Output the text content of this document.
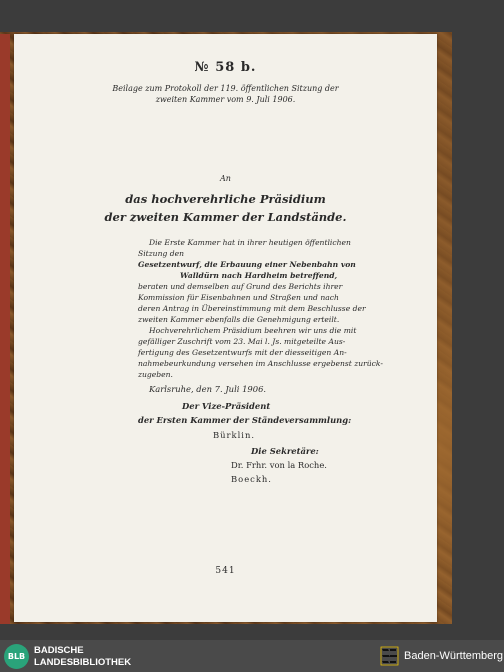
№ 58 b.
Beilage zum Protokoll der 119. öffentlichen Sitzung der
zweiten Kammer vom 9. Juli 1906.
An
das hochverehrliche Präsidium
der zweiten Kammer der Landstände.
Die Erste Kammer hat in ihrer heutigen öffentlichen
Sitzung den
Gesetzentwurf, die Erbauung einer Nebenbahn von
Walldürn nach Hardheim betreffend,
beraten und demselben auf Grund des Berichts ihrer
Kommission für Eisenbahnen und Straßen und nach
deren Antrag in Übereinstimmung mit dem Beschlusse der
zweiten Kammer ebenfalls die Genehmigung erteilt.
Hochverehrlichem Präsidium beehren wir uns die mit
gefälliger Zuschrift vom 23. Mai l. Js. mitgeteilte Aus-
fertigung des Gesetzentwurfs mit der diesseitigen An-
nahmebeurkundung versehen im Anschlusse ergebenst zurück-
zugeben.
Karlsruhe, den 7. Juli 1906.
Der Vize-Präsident
der Ersten Kammer der Ständeversammlung:
Bürklin.
Die Sekretäre:
Dr. Frhr. von la Roche.
Boeckh.
541
BLB
BADISCHE
LANDESBIBLIOTHEK	Baden-Württemberg
